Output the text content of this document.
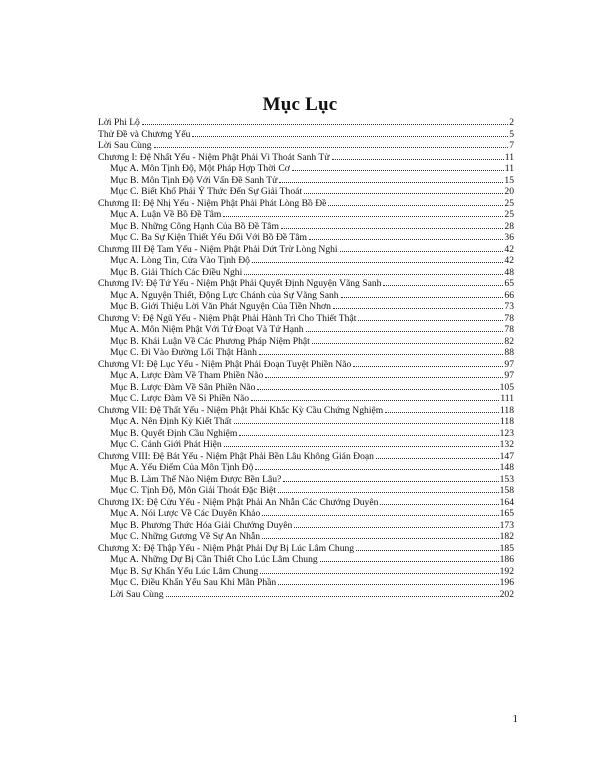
Mục Lục
Lời Phi Lộ	2
Thử Đề và Chương Yếu	5
Lời Sau Cùng	7
Chương I: Đệ Nhất Yếu - Niệm Phật Phải Vì Thoát Sanh Tử	11
Mục A. Môn Tịnh Độ, Một Pháp Hợp Thời Cơ	11
Mục B. Môn Tịnh Độ Với Vấn Đề Sanh Tử	15
Mục C. Biết Khổ Phải Ý Thức Đến Sự Giải Thoát	20
Chương II: Đệ Nhị Yếu - Niệm Phật Phải Phát Lòng Bồ Đề	25
Mục A. Luận Về Bồ Đề Tâm	25
Mục B. Những Công Hạnh Của Bồ Đề Tâm	28
Mục C. Ba Sự Kiện Thiết Yếu Đối Với Bồ Đề Tâm	36
Chương III Đệ Tam Yếu - Niệm Phật Phải Dứt Trừ Lòng Nghi	42
Mục A. Lòng Tin, Cửa Vào Tịnh Độ	42
Mục B. Giải Thích Các Điều Nghi	48
Chương IV: Đệ Tứ Yếu - Niệm Phật Phải Quyết Định Nguyện Vãng Sanh	65
Mục A. Nguyện Thiết, Động Lực Chánh của Sự Vãng Sanh	66
Mục B. Giới Thiệu Lời Văn Phát Nguyện Của Tiền Nhơn	73
Chương V: Đệ Ngũ Yếu - Niệm Phật Phải Hành Trì Cho Thiết Thật	78
Mục A. Môn Niệm Phật Với Tứ Đoạt Và Tứ Hạnh	78
Mục B. Khái Luận Về Các Phương Pháp Niệm Phật	82
Mục C. Đi Vào Đường Lối Thật Hành	88
Chương VI: Đệ Lục Yếu - Niệm Phật Phải Đoạn Tuyệt Phiền Não	97
Mục A. Lược Đàm Về Tham Phiền Não	97
Mục B. Lược Đàm Về Sân Phiền Não	105
Mục C. Lược Đàm Về Si Phiền Não	111
Chương VII: Đệ Thất Yếu - Niệm Phật Phải Khắc Kỳ Cầu Chứng Nghiệm	118
Mục A. Nên Định Kỳ Kiết Thất	118
Mục B. Quyết Định Cầu Nghiệm	123
Mục C. Cảnh Giới Phát Hiện	132
Chương VIII: Đệ Bát Yếu - Niệm Phật Phải Bền Lâu Không Gián Đoạn	147
Mục A. Yếu Điểm Của Môn Tịnh Độ	148
Mục B. Làm Thế Nào Niệm Được Bền Lâu?	153
Mục C. Tịnh Độ, Môn Giải Thoát Đặc Biệt	158
Chương IX: Đệ Cửu Yếu - Niệm Phật Phải An Nhẫn Các Chướng Duyên	164
Mục A. Nói Lược Về Các Duyên Khảo	165
Mục B. Phương Thức Hóa Giải Chướng Duyên	173
Mục C. Những Gương Về Sự An Nhẫn	182
Chương X: Đệ Thập Yếu - Niệm Phật Phải Dự Bị Lúc Lâm Chung	185
Mục A. Những Dự Bị Cần Thiết Cho Lúc Lâm Chung	186
Mục B. Sự Khẩn Yếu Lúc Lâm Chung	192
Mục C. Điều Khẩn Yếu Sau Khi Mãn Phần	196
Lời Sau Cùng	202
1
